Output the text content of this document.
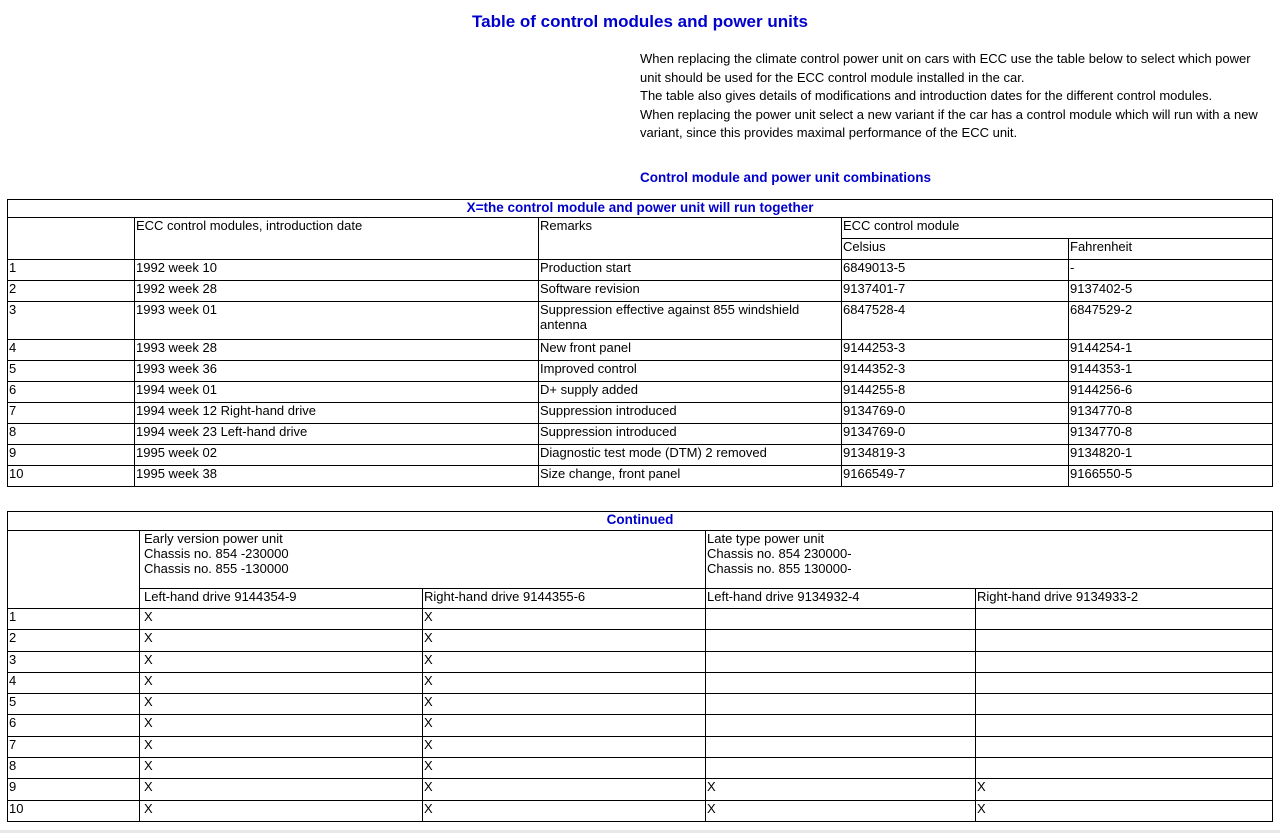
Table of control modules and power units

When replacing the climate control power unit on cars with ECC use the table below to select which power unit should be used for the ECC control module installed in the car.

The table also gives details of modifications and introduction dates for the different control modules.

When replacing the power unit select a new variant if the car has a control module which will run with a new variant, since this provides maximal performance of the ECC unit.

Control module and power unit combinations
X=the control module and power unit will run together				
	ECC control modules, introduction date	Remarks	ECC control module	
			Celsius	Fahrenheit
1	1992 week 10	Production start	6849013-5	-
2	1992 week 28	Software revision	9137401-7	9137402-5
3	1993 week 01	Suppression effective against 855 windshield antenna	6847528-4	6847529-2
4	1993 week 28	New front panel	9144253-3	9144254-1
5	1993 week 36	Improved control	9144352-3	9144353-1
6	1994 week 01	D+ supply added	9144255-8	9144256-6
7	1994 week 12 Right-hand drive	Suppression introduced	9134769-0	9134770-8
8	1994 week 23 Left-hand drive	Suppression introduced	9134769-0	9134770-8
9	1995 week 02	Diagnostic test mode (DTM) 2 removed	9134819-3	9134820-1
10	1995 week 38	Size change, front panel	9166549-7	9166550-5
Continued				

	Early version power unit
Chassis no. 854 -230000
Chassis no. 855 -130000		Late type power unit
Chassis no. 854 230000-
Chassis no. 855 130000-	

	Left-hand drive 9144354-9	Right-hand drive 9144355-6	Left-hand drive 9134932-4	Right-hand drive 9134933-2
1	X	X		
2	X	X		
3	X	X		
4	X	X		
5	X	X		
6	X	X		
7	X	X		
8	X	X		
9	X	X	X	X
10	X	X	X	X
